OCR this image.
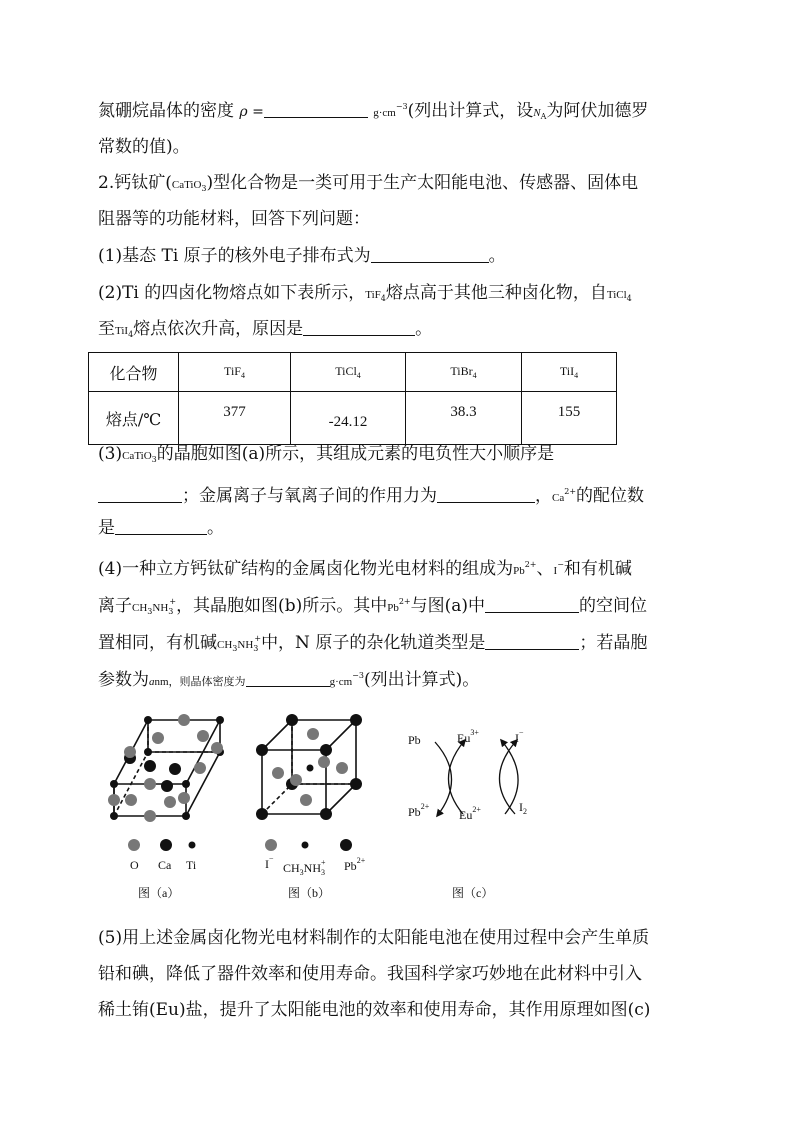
氮硼烷晶体的密度 ρ =	$g\cdot cm^{-3}$(列出计算式，设$N_A$为阿伏加德罗
常数的值)。
2.钙钛矿(CaTiO$_3$)型化合物是一类可用于生产太阳能电池、传感器、固体电
阻器等的功能材料，回答下列问题：
(1)基态 Ti 原子的核外电子排布式为	。
(2)Ti 的四卤化物熔点如下表所示，TiF$_4$熔点高于其他三种卤化物，自TiCl$_4$
至TiI$_4$熔点依次升高，原因是	。
化合物	TiF$_4$	TiCl$_4$	TiBr$_4$	TiI$_4$
熔点/℃	377	-24.12	38.3	155
(3)CaTiO$_3$的晶胞如图(a)所示，其组成元素的电负性大小顺序是
；金属离子与氧离子间的作用力为	，$Ca^{2+}$的配位数
是	。
(4)一种立方钙钛矿结构的金属卤化物光电材料的组成为$Pb^{2+}$、I−和有机碱
离子$CH_3NH_3^+$，其晶胞如图(b)所示。其中$Pb^{2+}$与图(a)中	的空间位
置相同，有机碱$CH_3NH_3^+$中，N 原子的杂化轨道类型是	；若晶胞
参数为anm，则晶体密度为	$g\cdot cm^{-3}$(列出计算式)。
O Ca Ti
图（a）
I−
$CH_3NH_3^+$ $Pb^{2+}$
图（b）
Pb	$Eu^{3+}$	I−
$Pb^{2+}$
$Eu^{2+}$	$I_2$
图（c）
(5)用上述金属卤化物光电材料制作的太阳能电池在使用过程中会产生单质
铅和碘，降低了器件效率和使用寿命。我国科学家巧妙地在此材料中引入
稀土铕(Eu)盐，提升了太阳能电池的效率和使用寿命，其作用原理如图(c)
